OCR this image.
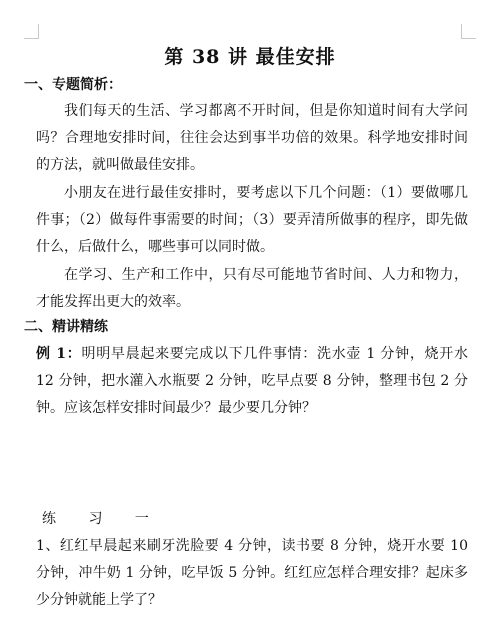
第 38 讲 最佳安排
一、专题简析：

我们每天的生活、学习都离不开时间，但是你知道时间有大学问吗？合理地安排时间，往往会达到事半功倍的效果。科学地安排时间的方法，就叫做最佳安排。

小朋友在进行最佳安排时，要考虑以下几个问题：（1）要做哪几件事；（2）做每件事需要的时间；（3）要弄清所做事的程序，即先做什么，后做什么，哪些事可以同时做。

在学习、生产和工作中，只有尽可能地节省时间、人力和物力，才能发挥出更大的效率。

二、精讲精练

例 1：明明早晨起来要完成以下几件事情：洗水壶 1 分钟，烧开水 12 分钟，把水灌入水瓶要 2 分钟，吃早点要 8 分钟，整理书包 2 分钟。应该怎样安排时间最少？最少要几分钟？

练 习 一

1、红红早晨起来刷牙洗脸要 4 分钟，读书要 8 分钟，烧开水要 10 分钟，冲牛奶 1 分钟，吃早饭 5 分钟。红红应怎样合理安排？起床多少分钟就能上学了？
